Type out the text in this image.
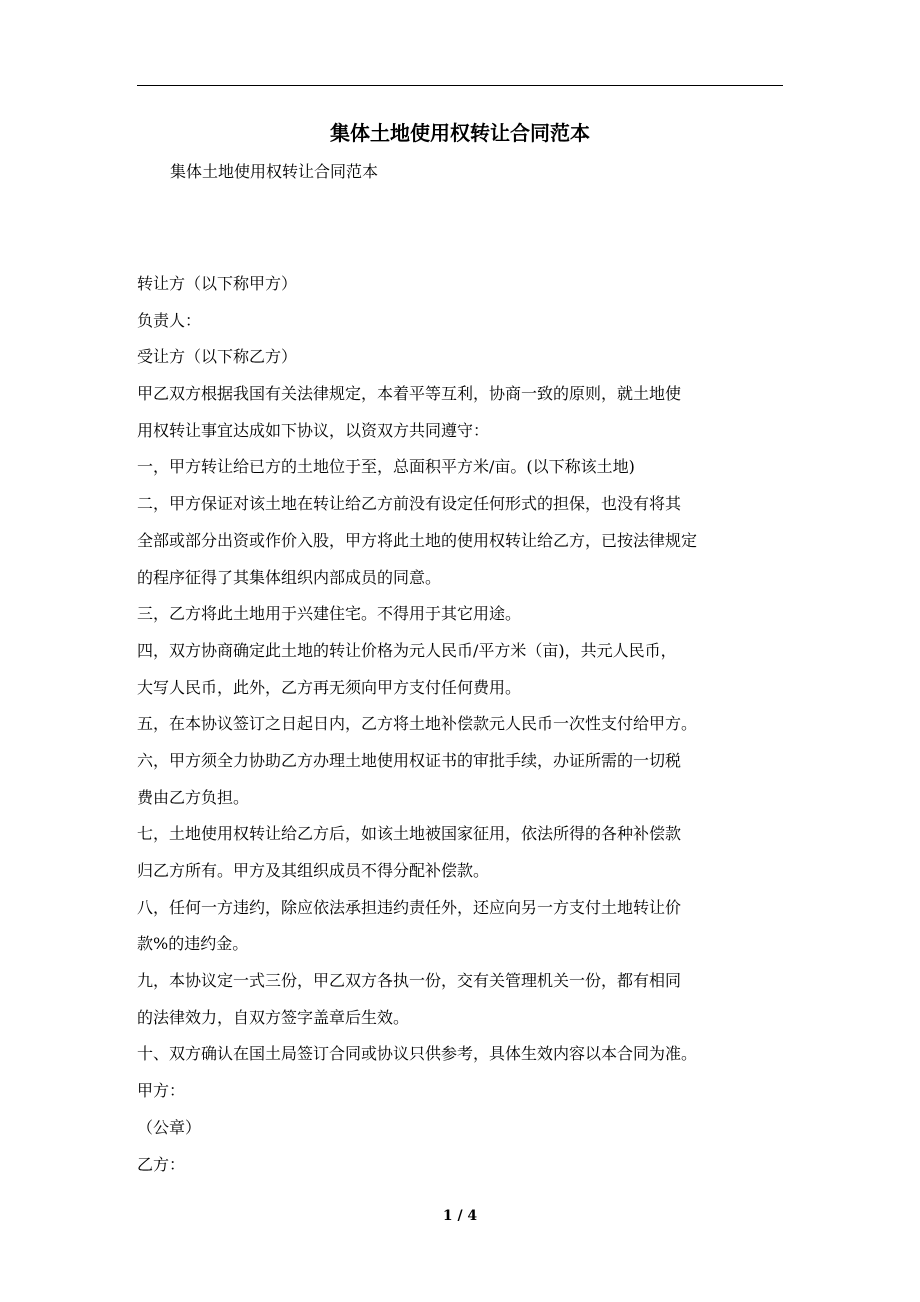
集体土地使用权转让合同范本
集体土地使用权转让合同范本
转让方（以下称甲方）
负责人：
受让方（以下称乙方）
甲乙双方根据我国有关法律规定，本着平等互利，协商一致的原则，就土地使
用权转让事宜达成如下协议，以资双方共同遵守：
一，甲方转让给已方的土地位于至，总面积平方米/亩。(以下称该土地)
二，甲方保证对该土地在转让给乙方前没有设定任何形式的担保，也没有将其
全部或部分出资或作价入股，甲方将此土地的使用权转让给乙方，已按法律规定
的程序征得了其集体组织内部成员的同意。
三，乙方将此土地用于兴建住宅。不得用于其它用途。
四，双方协商确定此土地的转让价格为元人民币/平方米（亩)，共元人民币，
大写人民币，此外，乙方再无须向甲方支付任何费用。
五，在本协议签订之日起日内，乙方将土地补偿款元人民币一次性支付给甲方。
六，甲方须全力协助乙方办理土地使用权证书的审批手续，办证所需的一切税
费由乙方负担。
七，土地使用权转让给乙方后，如该土地被国家征用，依法所得的各种补偿款
归乙方所有。甲方及其组织成员不得分配补偿款。
八，任何一方违约，除应依法承担违约责任外，还应向另一方支付土地转让价
款%的违约金。
九，本协议定一式三份，甲乙双方各执一份，交有关管理机关一份，都有相同
的法律效力，自双方签字盖章后生效。
十、双方确认在国土局签订合同或协议只供参考，具体生效内容以本合同为准。
甲方：
（公章）
乙方：
1 / 4
